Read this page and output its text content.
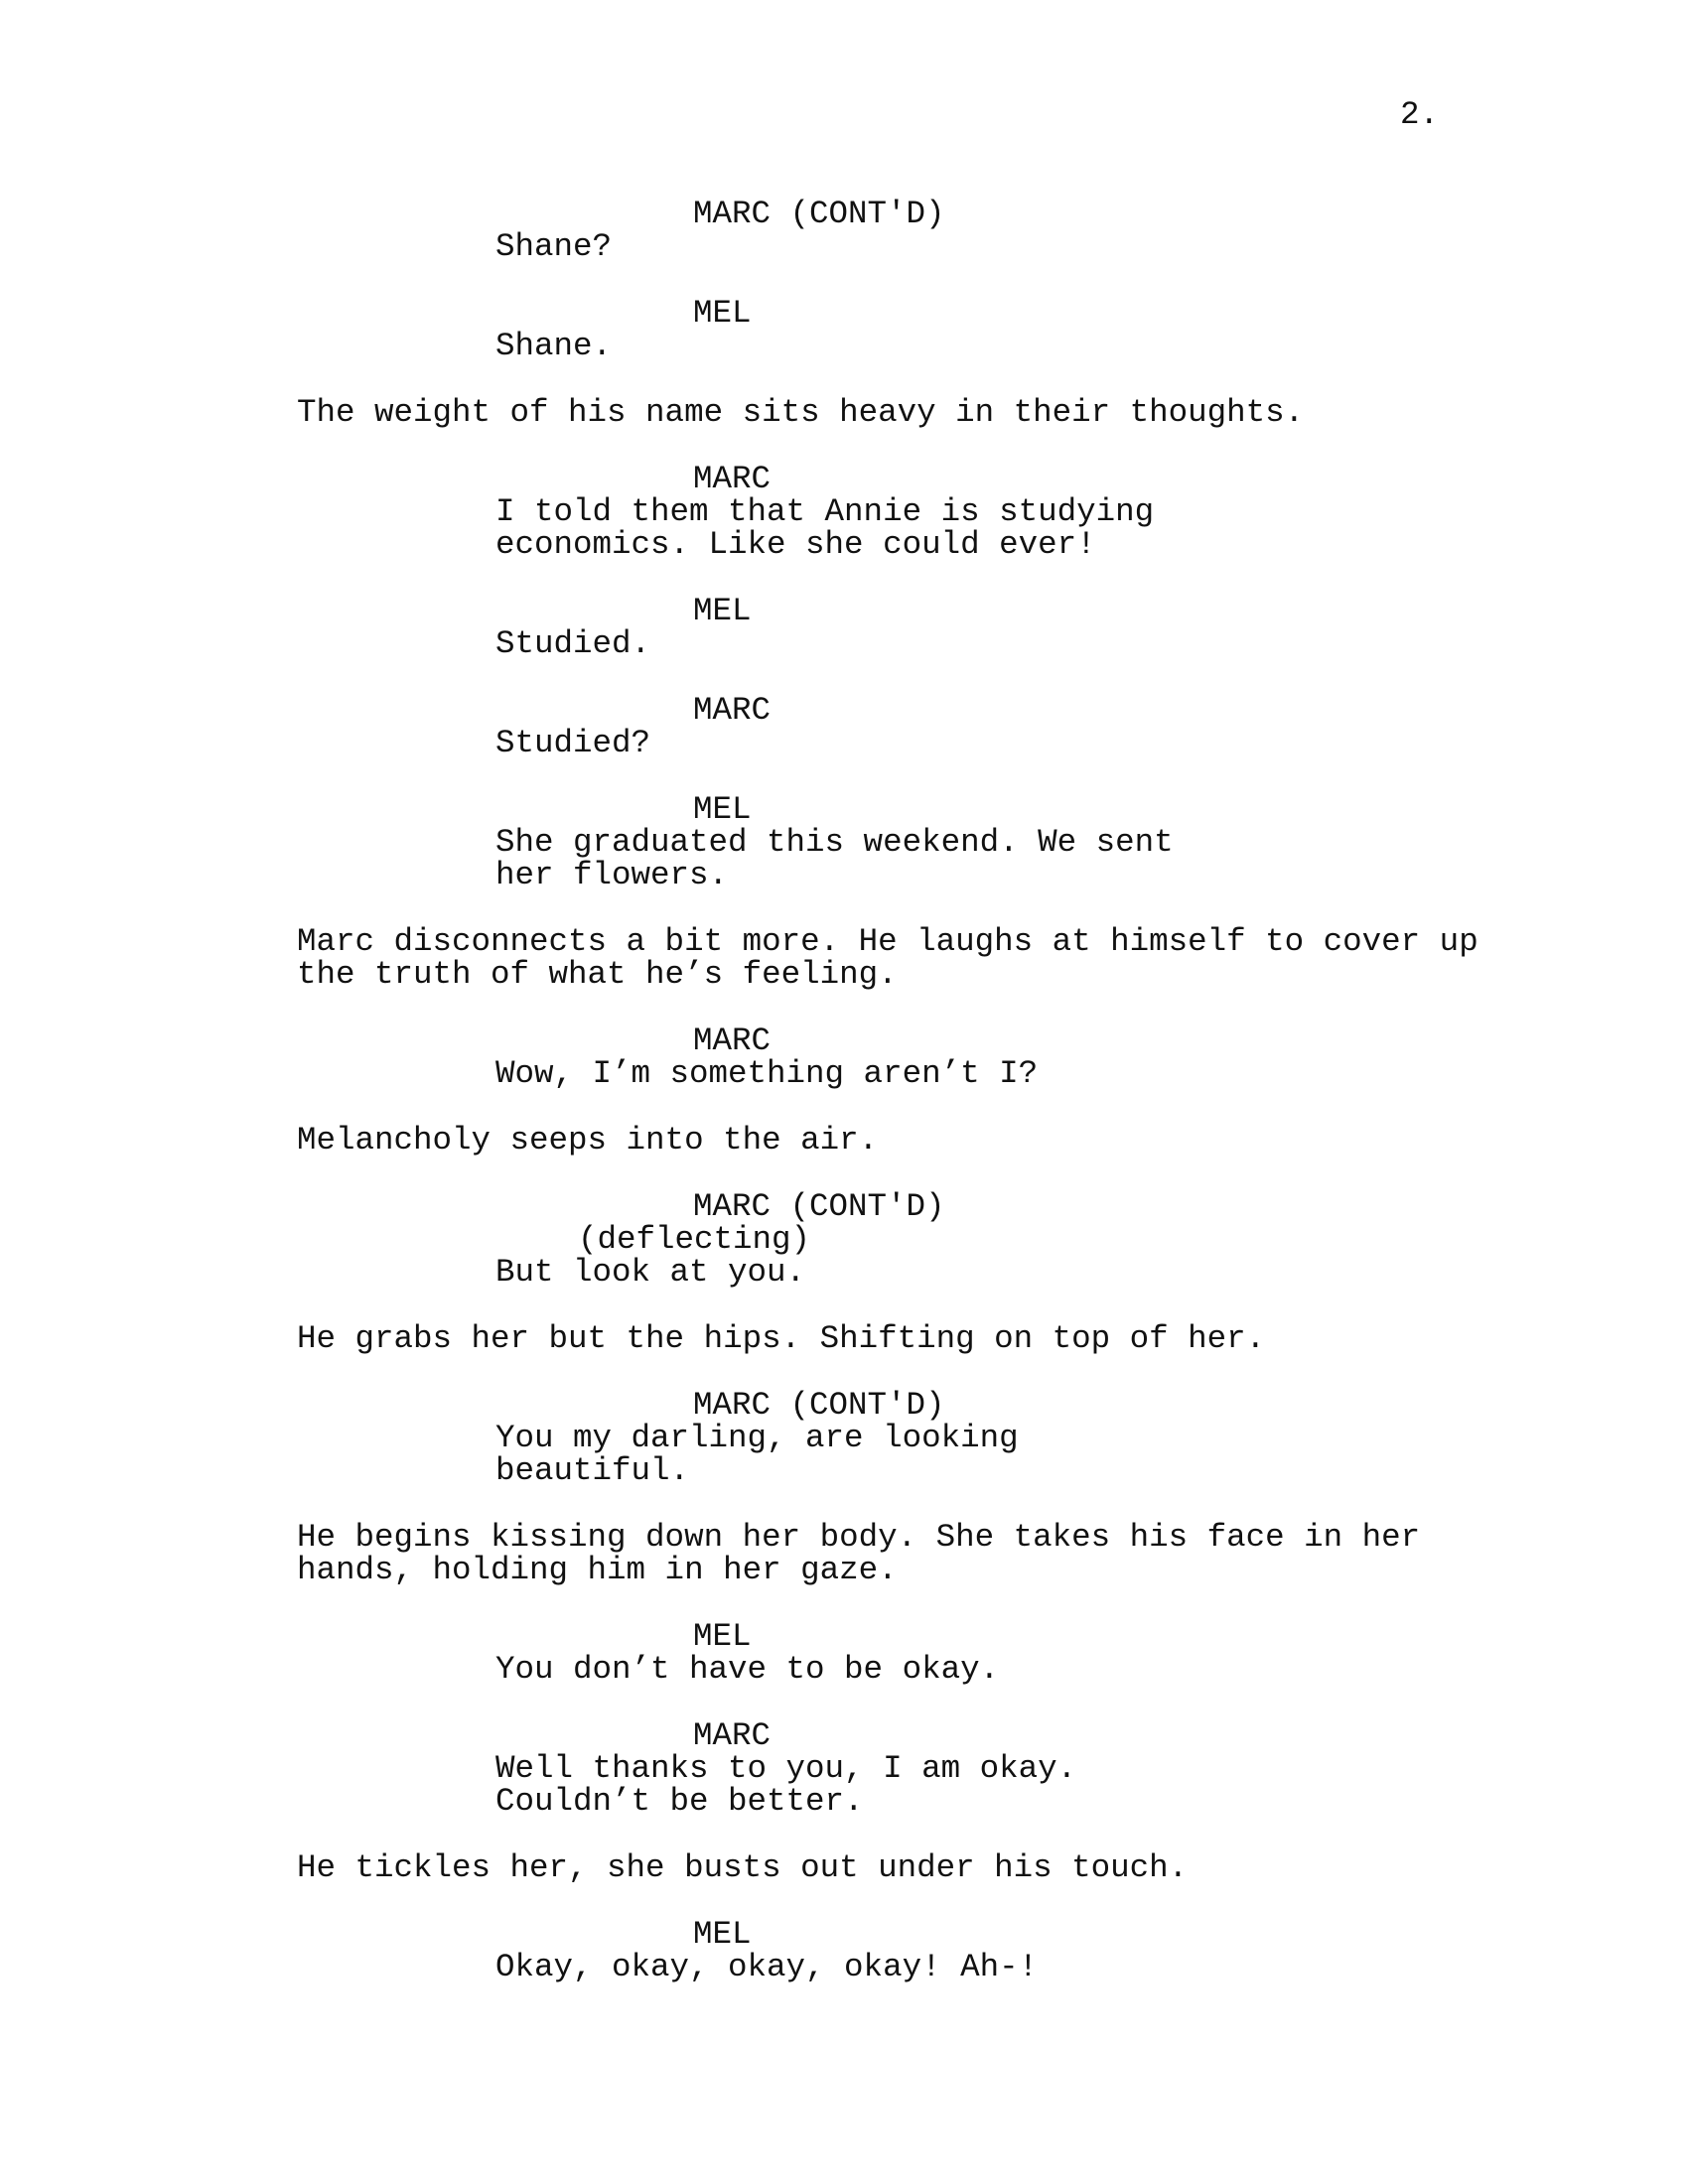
2.
MARC (CONT'D)
Shane?
MEL
Shane.
The weight of his name sits heavy in their thoughts.
MARC
I told them that Annie is studying
economics. Like she could ever!
MEL
Studied.
MARC
Studied?
MEL
She graduated this weekend. We sent
her flowers.
Marc disconnects a bit more. He laughs at himself to cover up
the truth of what he’s feeling.
MARC
Wow, I’m something aren’t I?
Melancholy seeps into the air.
MARC (CONT'D)
(deflecting)
But look at you.
He grabs her but the hips. Shifting on top of her.
MARC (CONT'D)
You my darling, are looking
beautiful.
He begins kissing down her body. She takes his face in her
hands, holding him in her gaze.
MEL
You don’t have to be okay.
MARC
Well thanks to you, I am okay.
Couldn’t be better.
He tickles her, she busts out under his touch.
MEL
Okay, okay, okay, okay! Ah-!
